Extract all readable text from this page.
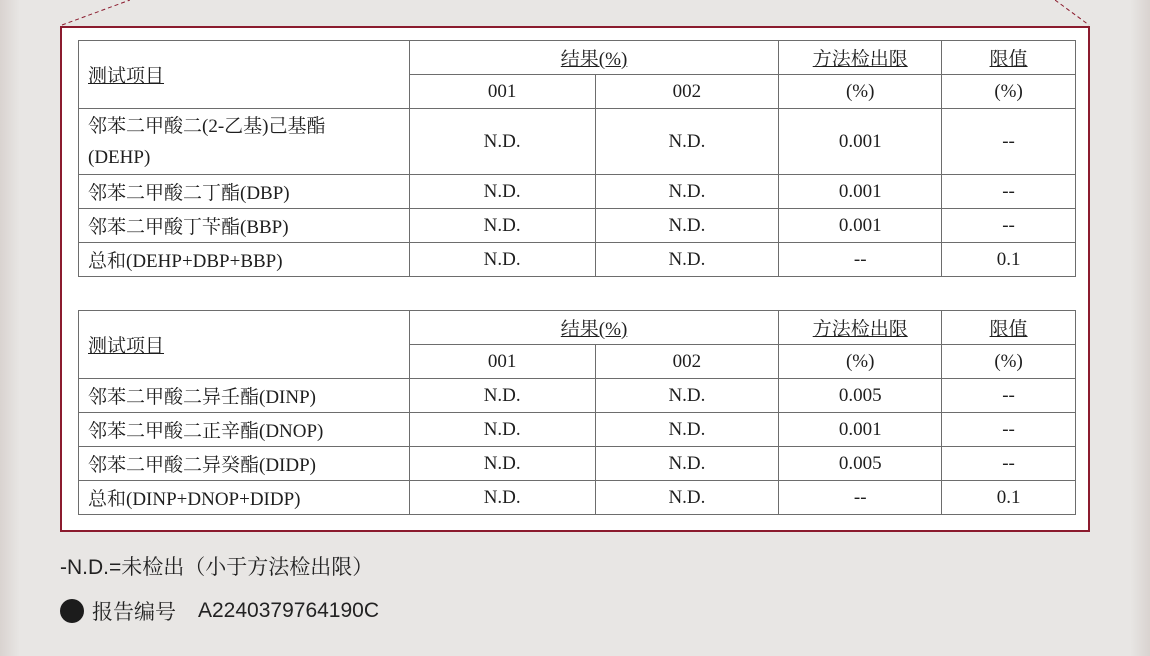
测试项目	结果(%)		方法检出限	限值
	001	002	(%)	(%)

邻苯二甲酸二(2-乙基)己基酯
(DEHP)	N.D.	N.D.	0.001	--
邻苯二甲酸二丁酯(DBP)	N.D.	N.D.	0.001	--
邻苯二甲酸丁苄酯(BBP)	N.D.	N.D.	0.001	--
总和(DEHP+DBP+BBP)	N.D.	N.D.	--	0.1
测试项目	结果(%)		方法检出限	限值
	001	002	(%)	(%)
邻苯二甲酸二异壬酯(DINP)	N.D.	N.D.	0.005	--
邻苯二甲酸二正辛酯(DNOP)	N.D.	N.D.	0.001	--
邻苯二甲酸二异癸酯(DIDP)	N.D.	N.D.	0.005	--
总和(DINP+DNOP+DIDP)	N.D.	N.D.	--	0.1
-N.D.=未检出（小于方法检出限）
报告编号 A2240379764190C
